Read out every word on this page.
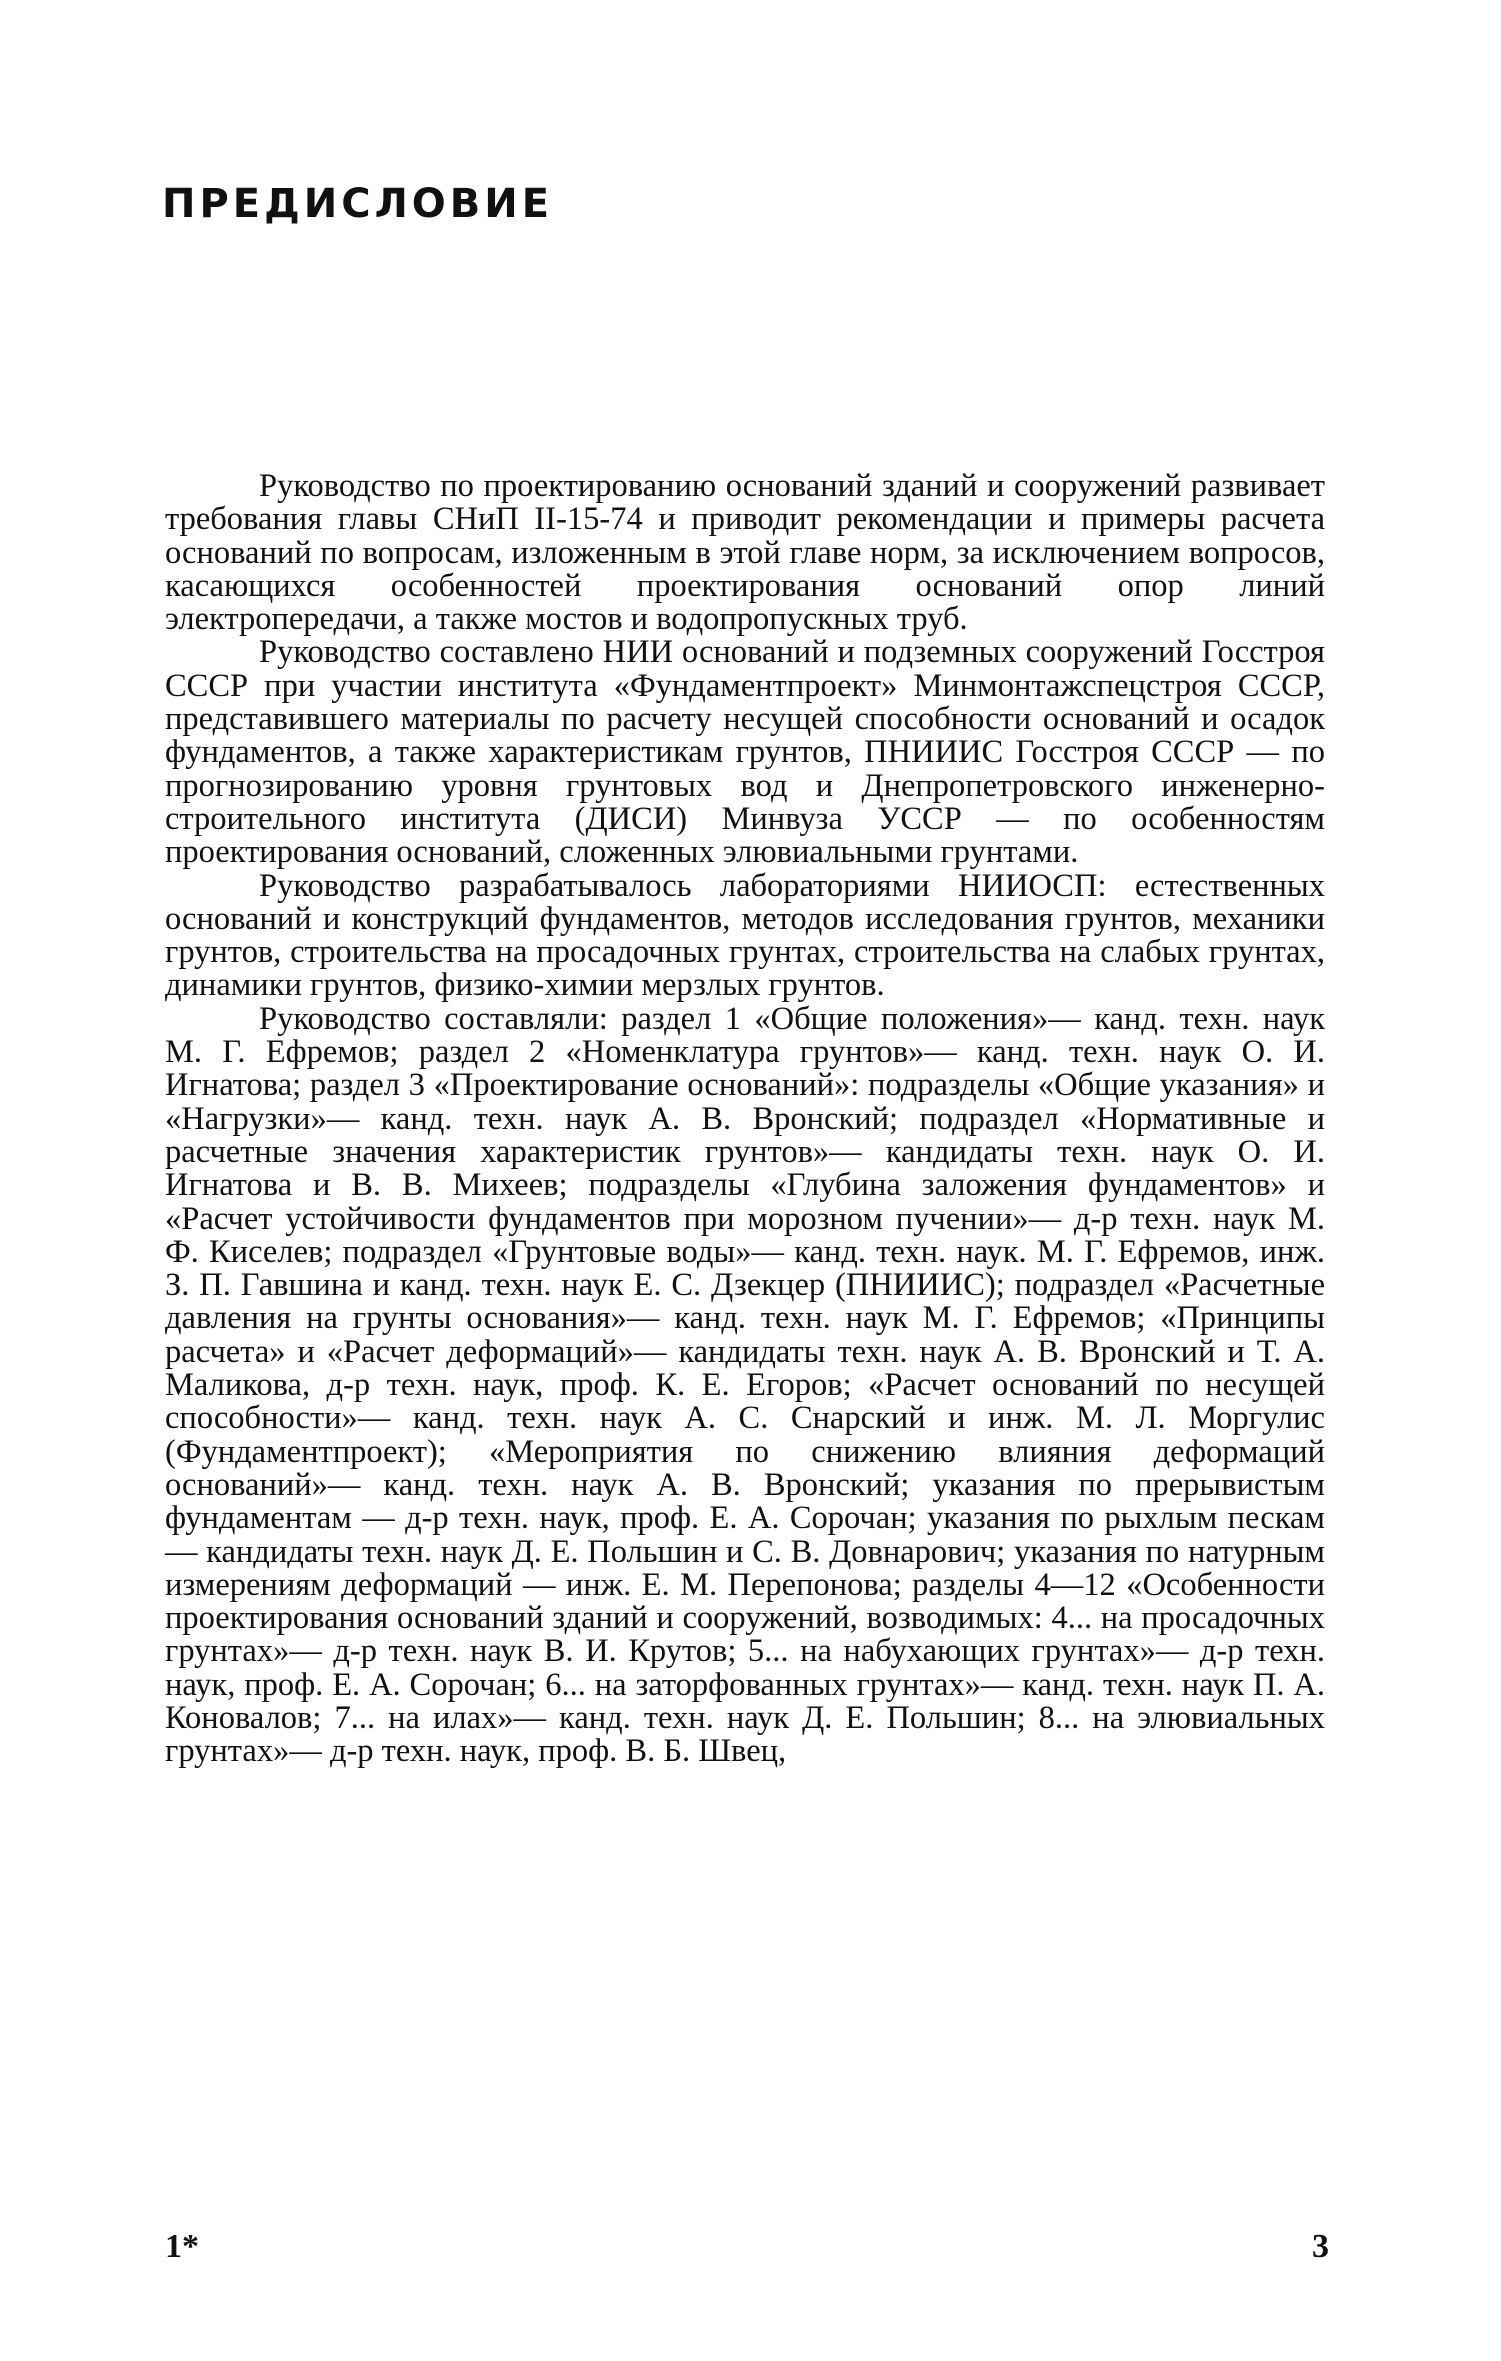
ПРЕДИСЛОВИЕ

Руководство по проектированию оснований зданий и сооружений развивает требования главы СНиП II-15-74 и приводит рекомендации и примеры расчета оснований по вопросам, изложенным в этой главе норм, за исключением вопросов, касающихся особенностей проектирования оснований опор линий электропередачи, а также мостов и водопропускных труб.

Руководство составлено НИИ оснований и подземных сооружений Госстроя СССР при участии института «Фундаментпроект» Минмонтажспецстроя СССР, представившего материалы по расчету несущей способности оснований и осадок фундаментов, а также характеристикам грунтов, ПНИИИС Госстроя СССР — по прогнозированию уровня грунтовых вод и Днепропетровского инженерно-строительного института (ДИСИ) Минвуза УССР — по особенностям проектирования оснований, сложенных элювиальными грунтами.

Руководство разрабатывалось лабораториями НИИОСП: естественных оснований и конструкций фундаментов, методов исследования грунтов, механики грунтов, строительства на просадочных грунтах, строительства на слабых грунтах, динамики грунтов, физико-химии мерзлых грунтов.

Руководство составляли: раздел 1 «Общие положения»— канд. техн. наук М. Г. Ефремов; раздел 2 «Номенклатура грунтов»— канд. техн. наук О. И. Игнатова; раздел 3 «Проектирование оснований»: подразделы «Общие указания» и «Нагрузки»— канд. техн. наук А. В. Вронский; подраздел «Нормативные и расчетные значения характеристик грунтов»— кандидаты техн. наук О. И. Игнатова и В. В. Михеев; подразделы «Глубина заложения фундаментов» и «Расчет устойчивости фундаментов при морозном пучении»— д-р техн. наук М. Ф. Киселев; подраздел «Грунтовые воды»— канд. техн. наук. М. Г. Ефремов, инж. З. П. Гавшина и канд. техн. наук Е. С. Дзекцер (ПНИИИС); подраздел «Расчетные давления на грунты основания»— канд. техн. наук М. Г. Ефремов; «Принципы расчета» и «Расчет деформаций»— кандидаты техн. наук А. В. Вронский и Т. А. Маликова, д-р техн. наук, проф. К. Е. Егоров; «Расчет оснований по несущей способности»— канд. техн. наук А. С. Снарский и инж. М. Л. Моргулис (Фундаментпроект); «Мероприятия по снижению влияния деформаций оснований»— канд. техн. наук А. В. Вронский; указания по прерывистым фундаментам — д-р техн. наук, проф. Е. А. Сорочан; указания по рыхлым пескам — кандидаты техн. наук Д. Е. Польшин и С. В. Довнарович; указания по натурным измерениям деформаций — инж. Е. М. Перепонова; разделы 4—12 «Особенности проектирования оснований зданий и сооружений, возводимых: 4... на просадочных грунтах»— д-р техн. наук В. И. Крутов; 5... на набухающих грунтах»— д-р техн. наук, проф. Е. А. Сорочан; 6... на заторфованных грунтах»— канд. техн. наук П. А. Коновалов; 7... на илах»— канд. техн. наук Д. Е. Польшин; 8... на элювиальных грунтах»— д-р техн. наук, проф. В. Б. Швец,

1*	3
